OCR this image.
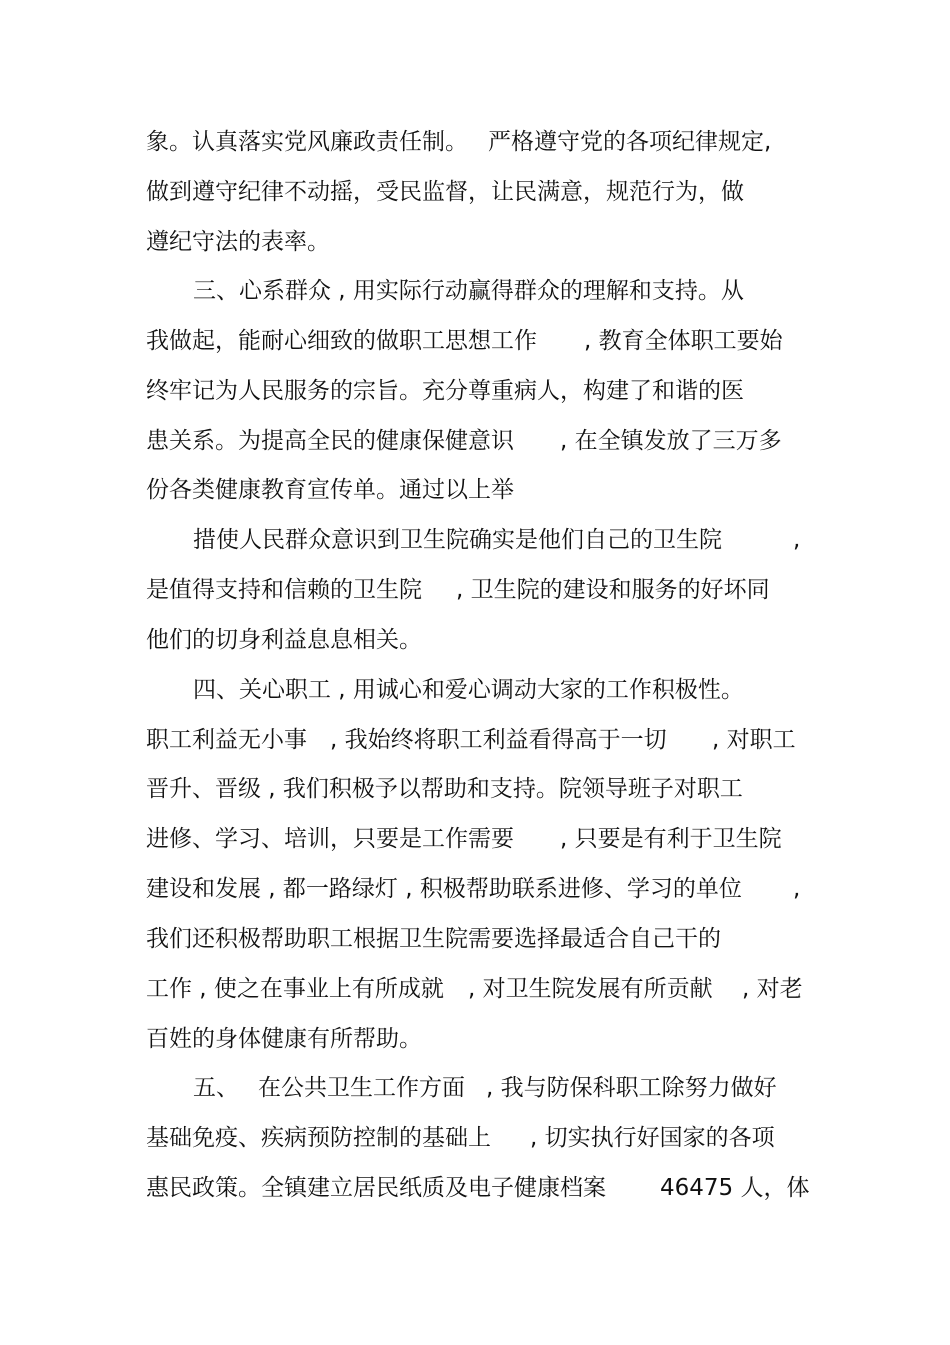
象。认真落实党风廉政责任制。

严格遵守党的各项纪律规定,

做到遵守纪律不动摇，受民监督，让民满意，规范行为，做

遵纪守法的表率。

三、心系群众 , 用实际行动赢得群众的理解和支持。从

我做起，能耐心细致的做职工思想工作

, 教育全体职工要始

终牢记为人民服务的宗旨。充分尊重病人，构建了和谐的医

患关系。为提高全民的健康保健意识

, 在全镇发放了三万多

份各类健康教育宣传单。通过以上举

措使人民群众意识到卫生院确实是他们自己的卫生院

	,

是值得支持和信赖的卫生院

, 卫生院的建设和服务的好坏同

他们的切身利益息息相关。

四、关心职工 , 用诚心和爱心调动大家的工作积极性。

职工利益无小事

, 我始终将职工利益看得高于一切

, 对职工

晋升、晋级 , 我们积极予以帮助和支持。院领导班子对职工

进修、学习、培训，只要是工作需要

, 只要是有利于卫生院

建设和发展 , 都一路绿灯 , 积极帮助联系进修、学习的单位

,

我们还积极帮助职工根据卫生院需要选择最适合自己干的

工作 , 使之在事业上有所成就

, 对卫生院发展有所贡献

, 对老

百姓的身体健康有所帮助。

五、

在公共卫生工作方面

, 我与防保科职工除努力做好

基础免疫、疾病预防控制的基础上

, 切实执行好国家的各项

惠民政策。全镇建立居民纸质及电子健康档案

46475 人，体
